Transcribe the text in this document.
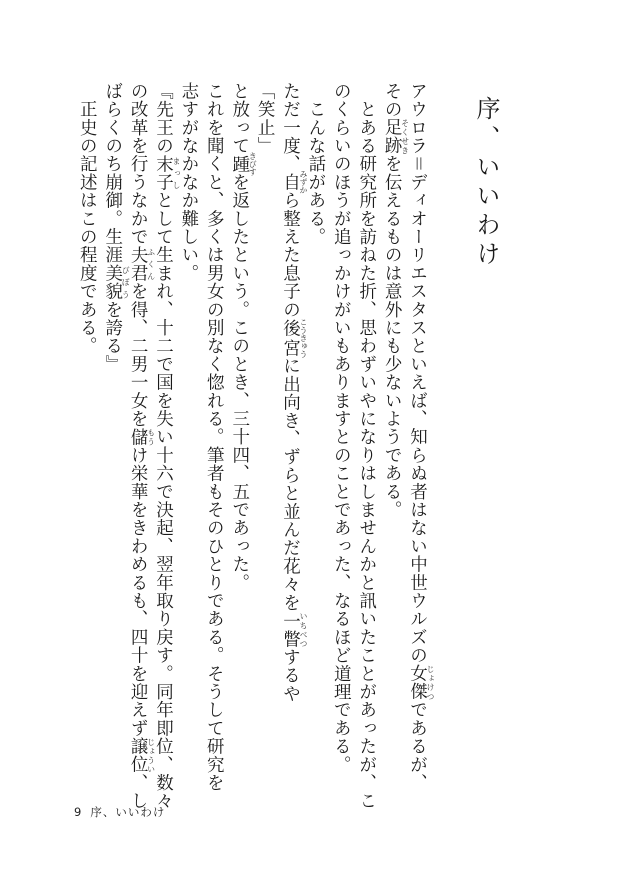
序、いいわけ
アウロラ＝ディオーリエスタスといえば、知らぬ者はない中世ウルズの女傑じょけつであるが、
その足跡そくせきを伝えるものは意外にも少ないようである。
　とある研究所を訪ねた折、思わずいやになりはしませんかと訊いたことがあったが、こ
のくらいのほうが追っかけがいもありますとのことであった、なるほど道理である。
　こんな話がある。
ただ一度、自みずから整えた息子の後宮こうきゅうに出向き、ずらと並んだ花々を一瞥いちべつするや
「笑止」
と放って踵きびすを返したという。このとき、三十四、五であった。
これを聞くと、多くは男女の別なく惚れる。筆者もそのひとりである。そうして研究を
志すがなかなか難しい。
『先王の末子まっしとして生まれ、十二で国を失い十六で決起、翌年取り戻す。同年即位、数々
の改革を行うなかで夫君ふくんを得、二男一女を儲もうけ栄華をきわめるも、四十を迎えず譲位じょうい、し
ばらくのち崩御。生涯美貌びぼうを誇る』
　正史の記述はこの程度である。
9 序、いいわけ
